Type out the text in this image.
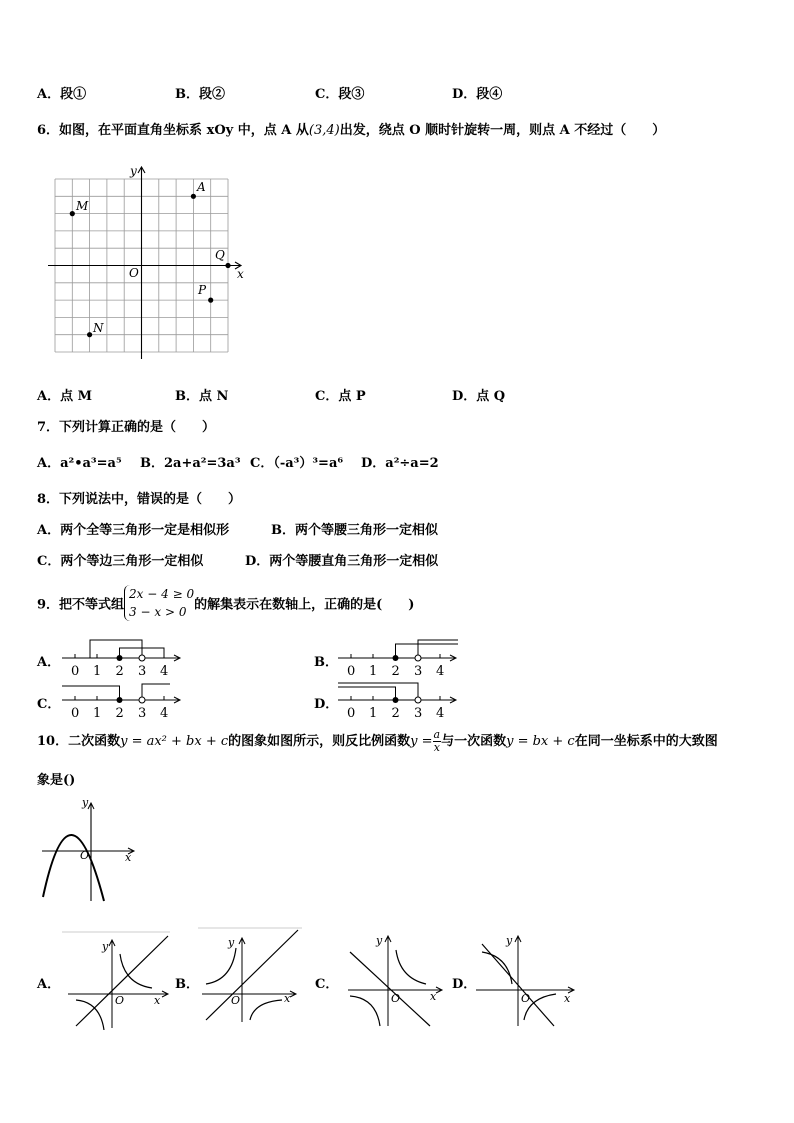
A．段①	B．段②	C．段③	D．段④
6．如图，在平面直角坐标系 xOy 中，点 A 从(3,4)出发，绕点 O 顺时针旋转一周，则点 A 不经过（　　）
y
x
O
A
M
Q
P
N
A．点 M	B．点 N	C．点 P	D．点 Q
7．下列计算正确的是（　　）
A．a²•a³=a⁵ B．2a+a²=3a³ C．（-a³）³=a⁶ D．a²÷a=2
8．下列说法中，错误的是（　　）
A．两个全等三角形一定是相似形	B．两个等腰三角形一定相似
C．两个等边三角形一定相似	D．两个等腰直角三角形一定相似
9．把不等式组
2x − 4 ≥ 0
3 − x > 0 的解集表示在数轴上，正确的是(　　)
A．	B．
C．	D．
0 1 2 3 4	0 1 2 3 4
0 1 2 3 4	0 1 2 3 4
10．二次函数y = ax² + bx + c的图象如图所示，则反比例函数$y = \frac{a}{x}$ 与一次函数y = bx + c在同一坐标系中的大致图
象是()
y
x
O
A．	B．	C．	D．
y
x
O
y
x
O
y
x
O
y
x
O
